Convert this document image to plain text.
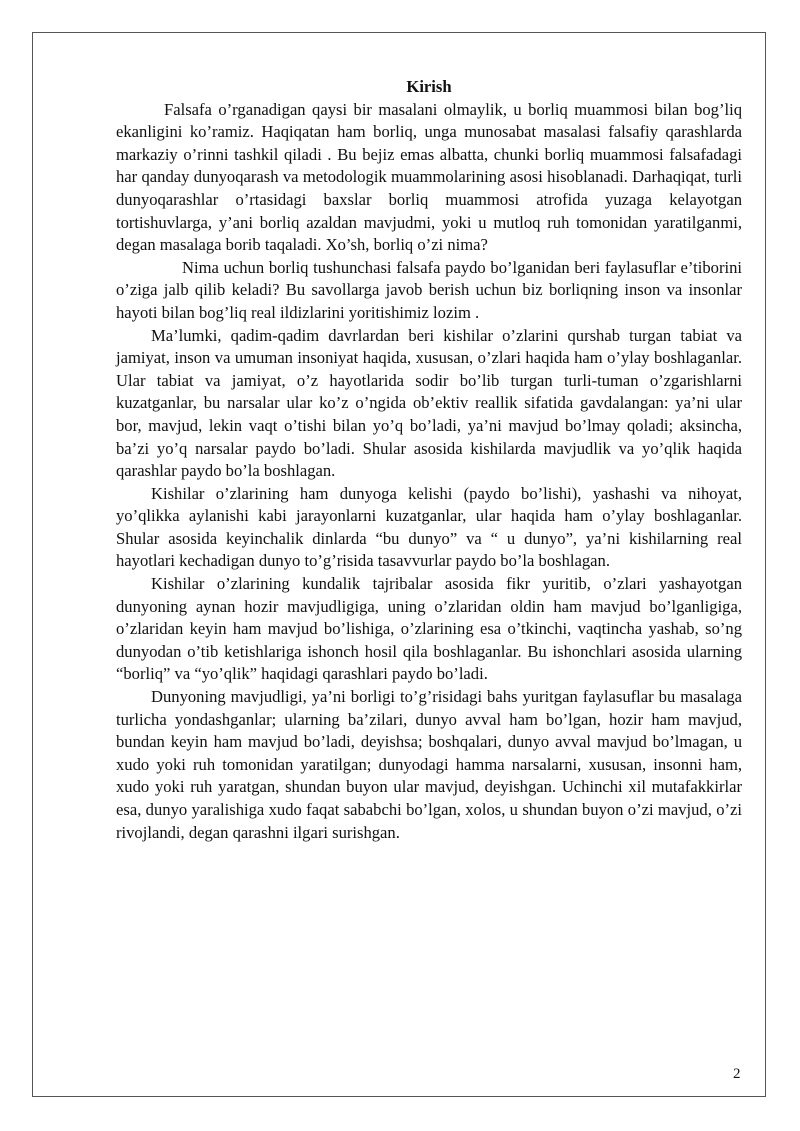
Kirish

Falsafa o’rganadigan qaysi bir masalani olmaylik, u borliq muammosi bilan bog’liq ekanligini ko’ramiz. Haqiqatan ham borliq, unga munosabat masalasi falsafiy qarashlarda markaziy o’rinni tashkil qiladi . Bu bejiz emas albatta, chunki borliq muammosi falsafadagi har qanday dunyoqarash va metodologik muammolarining asosi hisoblanadi. Darhaqiqat, turli dunyoqarashlar o’rtasidagi baxslar borliq muammosi atrofida yuzaga kelayotgan tortishuvlarga, y’ani borliq azaldan mavjudmi, yoki u mutloq ruh tomonidan yaratilganmi, degan masalaga borib taqaladi. Xo’sh, borliq o’zi nima?

Nima uchun borliq tushunchasi falsafa paydo bo’lganidan beri faylasuflar e’tiborini o’ziga jalb qilib keladi? Bu savollarga javob berish uchun biz borliqning inson va insonlar hayoti bilan bog’liq real ildizlarini yoritishimiz lozim .

Ma’lumki, qadim-qadim davrlardan beri kishilar o’zlarini qurshab turgan tabiat va jamiyat, inson va umuman insoniyat haqida, xususan, o’zlari haqida ham o’ylay boshlaganlar. Ular tabiat va jamiyat, o’z hayotlarida sodir bo’lib turgan turli-tuman o’zgarishlarni kuzatganlar, bu narsalar ular ko’z o’ngida ob’ektiv reallik sifatida gavdalangan: ya’ni ular bor, mavjud, lekin vaqt o’tishi bilan yo’q bo’ladi, ya’ni mavjud bo’lmay qoladi; aksincha, ba’zi yo’q narsalar paydo bo’ladi. Shular asosida kishilarda mavjudlik va yo’qlik haqida qarashlar paydo bo’la boshlagan.

Kishilar o’zlarining ham dunyoga kelishi (paydo bo’lishi), yashashi va nihoyat, yo’qlikka aylanishi kabi jarayonlarni kuzatganlar, ular haqida ham o’ylay boshlaganlar. Shular asosida keyinchalik dinlarda “bu dunyo” va “ u dunyo”, ya’ni kishilarning real hayotlari kechadigan dunyo to’g’risida tasavvurlar paydo bo’la boshlagan.

Kishilar o’zlarining kundalik tajribalar asosida fikr yuritib, o’zlari yashayotgan dunyoning aynan hozir mavjudligiga, uning o’zlaridan oldin ham mavjud bo’lganligiga, o’zlaridan keyin ham mavjud bo’lishiga, o’zlarining esa o’tkinchi, vaqtincha yashab, so’ng dunyodan o’tib ketishlariga ishonch hosil qila boshlaganlar. Bu ishonchlari asosida ularning “borliq” va “yo’qlik” haqidagi qarashlari paydo bo’ladi.

Dunyoning mavjudligi, ya’ni borligi to’g’risidagi bahs yuritgan faylasuflar bu masalaga turlicha yondashganlar; ularning ba’zilari, dunyo avval ham bo’lgan, hozir ham mavjud, bundan keyin ham mavjud bo’ladi, deyishsa; boshqalari, dunyo avval mavjud bo’lmagan, u xudo yoki ruh tomonidan yaratilgan; dunyodagi hamma narsalarni, xususan, insonni ham, xudo yoki ruh yaratgan, shundan buyon ular mavjud, deyishgan. Uchinchi xil mutafakkirlar esa, dunyo yaralishiga xudo faqat sababchi bo’lgan, xolos, u shundan buyon o’zi mavjud, o’zi rivojlandi, degan qarashni ilgari surishgan.

2
